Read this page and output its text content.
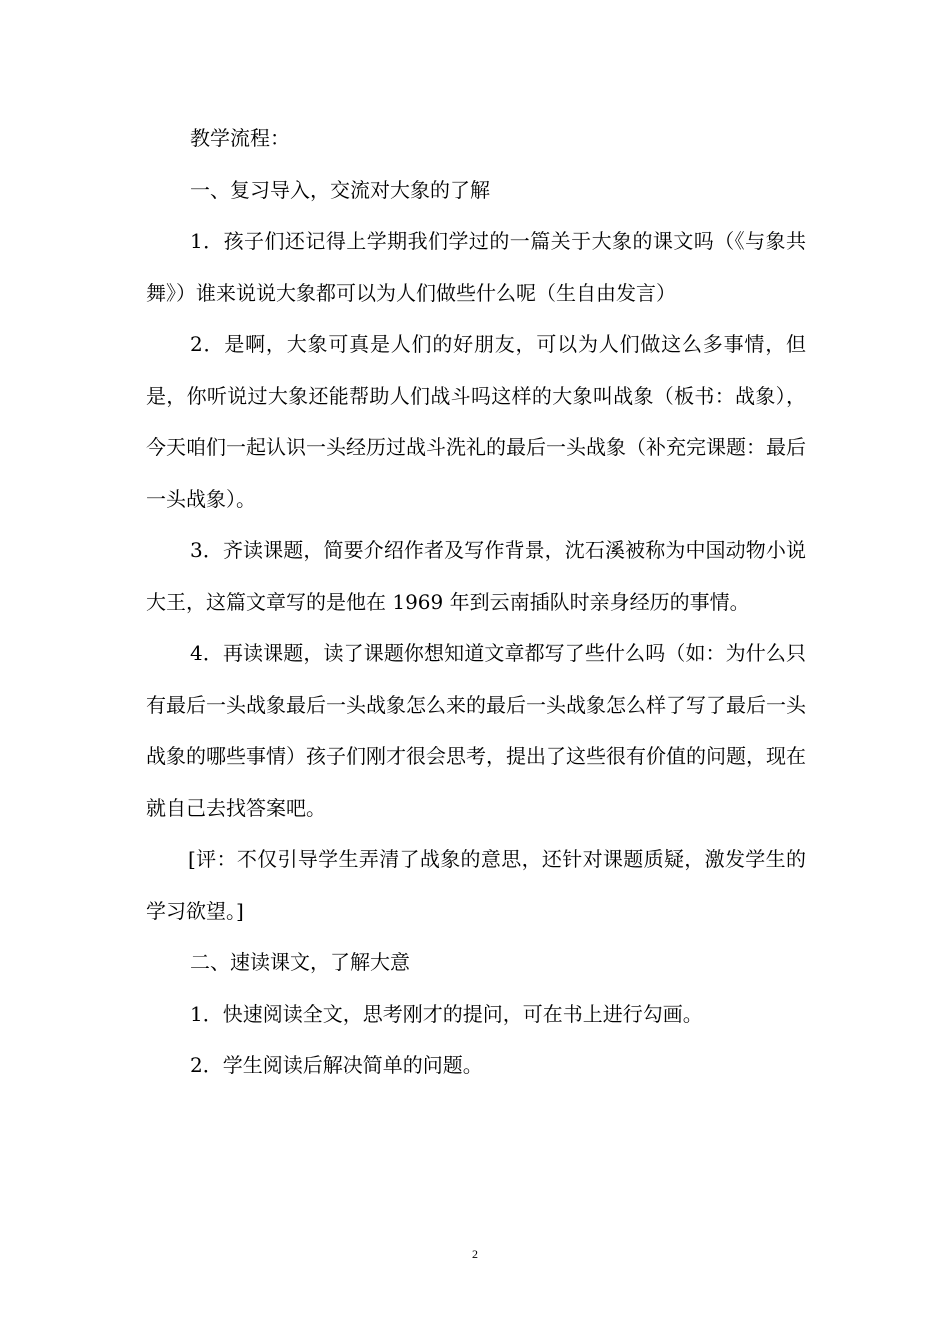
教学流程：

一、复习导入，交流对大象的了解

1．孩子们还记得上学期我们学过的一篇关于大象的课文吗（《与象共舞》）谁来说说大象都可以为人们做些什么呢（生自由发言）

2．是啊，大象可真是人们的好朋友，可以为人们做这么多事情，但是，你听说过大象还能帮助人们战斗吗这样的大象叫战象（板书：战象），今天咱们一起认识一头经历过战斗洗礼的最后一头战象（补充完课题：最后一头战象）。

3．齐读课题，简要介绍作者及写作背景，沈石溪被称为中国动物小说大王，这篇文章写的是他在 1969 年到云南插队时亲身经历的事情。

4．再读课题，读了课题你想知道文章都写了些什么吗（如：为什么只有最后一头战象最后一头战象怎么来的最后一头战象怎么样了写了最后一头战象的哪些事情）孩子们刚才很会思考，提出了这些很有价值的问题，现在就自己去找答案吧。

[评：不仅引导学生弄清了战象的意思，还针对课题质疑，激发学生的学习欲望。]

二、速读课文，了解大意

1．快速阅读全文，思考刚才的提问，可在书上进行勾画。

2．学生阅读后解决简单的问题。

2
